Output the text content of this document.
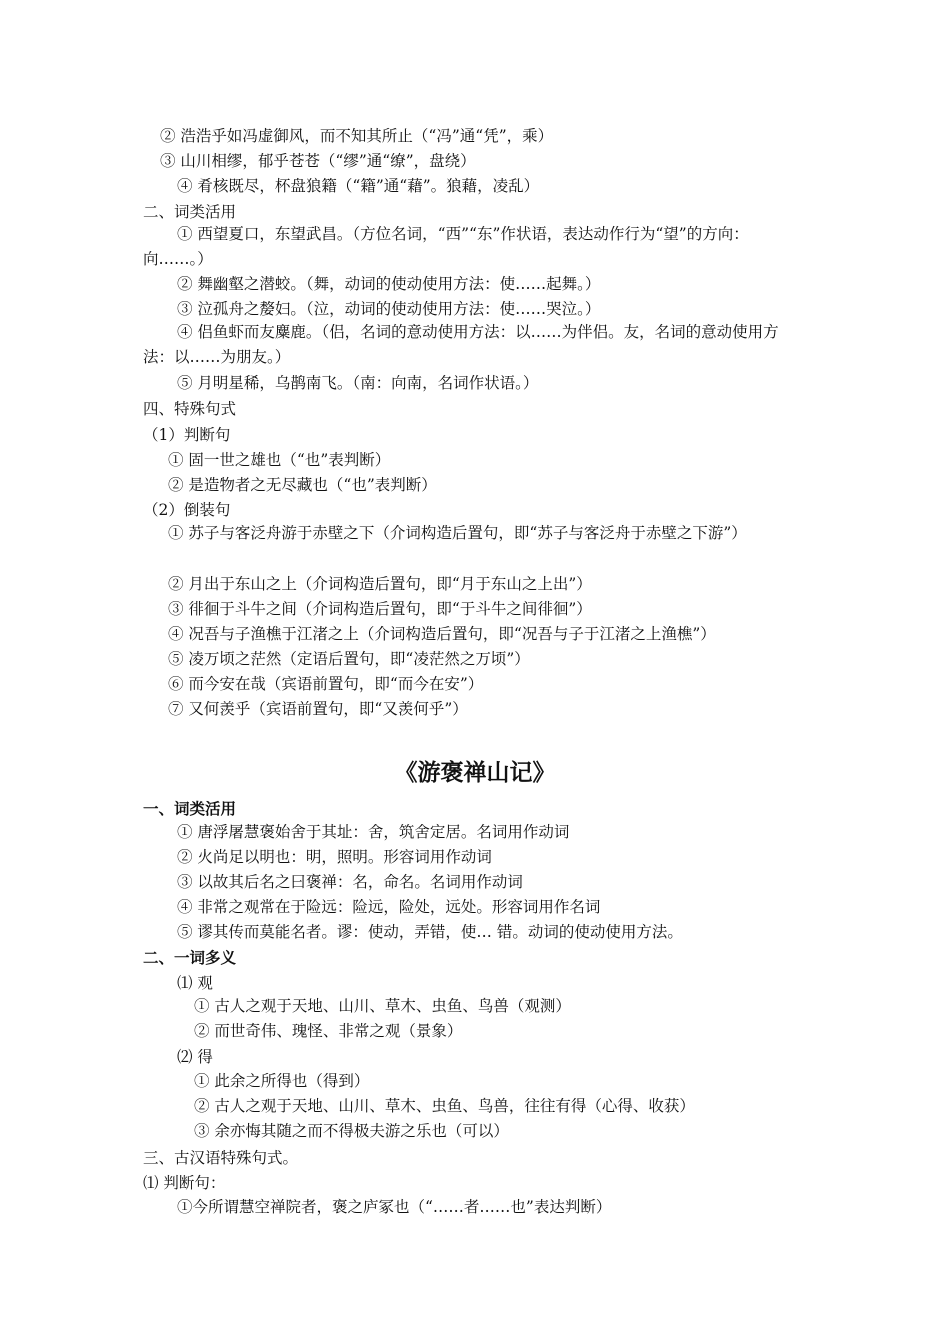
② 浩浩乎如冯虚御风，而不知其所止（“冯”通“凭”，乘）
③ 山川相缪，郁乎苍苍（“缪”通“缭”，盘绕）
④ 肴核既尽，杯盘狼籍（“籍”通“藉”。狼藉，凌乱）
二、词类活用
① 西望夏口，东望武昌。（方位名词，“西”“东”作状语，表达动作行为“望”的方向：向……。）
② 舞幽壑之潜蛟。（舞，动词的使动使用方法：使……起舞。）
③ 泣孤舟之嫠妇。（泣，动词的使动使用方法：使……哭泣。）
④ 侣鱼虾而友麋鹿。（侣，名词的意动使用方法：以……为伴侣。友，名词的意动使用方法：以……为朋友。）
⑤ 月明星稀，乌鹊南飞。（南：向南，名词作状语。）
四、特殊句式
（1）判断句
① 固一世之雄也（“也”表判断）
② 是造物者之无尽藏也（“也”表判断）
（2）倒装句
① 苏子与客泛舟游于赤壁之下（介词构造后置句，即“苏子与客泛舟于赤壁之下游”）
② 月出于东山之上（介词构造后置句，即“月于东山之上出”）
③ 徘徊于斗牛之间（介词构造后置句，即“于斗牛之间徘徊”）
④ 况吾与子渔樵于江渚之上（介词构造后置句，即“况吾与子于江渚之上渔樵”）
⑤ 凌万顷之茫然（定语后置句，即“凌茫然之万顷”）
⑥ 而今安在哉（宾语前置句，即“而今在安”）
⑦ 又何羡乎（宾语前置句，即“又羡何乎”）
《游褒禅山记》
一、词类活用
① 唐浮屠慧褒始舍于其址：舍，筑舍定居。名词用作动词
② 火尚足以明也：明，照明。形容词用作动词
③ 以故其后名之曰褒禅：名，命名。名词用作动词
④ 非常之观常在于险远：险远，险处，远处。形容词用作名词
⑤ 谬其传而莫能名者。谬：使动，弄错，使… 错。动词的使动使用方法。
二、一词多义
⑴ 观
① 古人之观于天地、山川、草木、虫鱼、鸟兽（观测）
② 而世奇伟、瑰怪、非常之观（景象）
⑵ 得
① 此余之所得也（得到）
② 古人之观于天地、山川、草木、虫鱼、鸟兽，往往有得（心得、收获）
③ 余亦悔其随之而不得极夫游之乐也（可以）
三、古汉语特殊句式。
⑴ 判断句：
①今所谓慧空禅院者，褒之庐冢也（“……者……也”表达判断）
